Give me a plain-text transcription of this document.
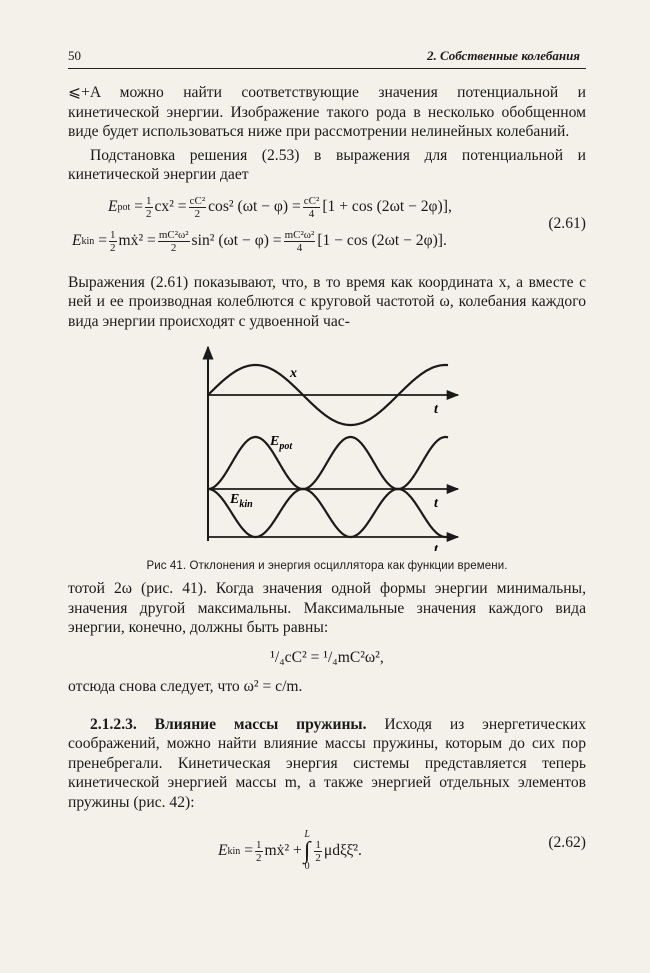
50	2. Собственные колебания

⩽+A можно найти соответствующие значения потенциальной и кинетической энергии. Изображение такого рода в несколько обобщенном виде будет использоваться ниже при рассмотрении нелинейных колебаний.

Подстановка решения (2.53) в выражения для потенциальной и кинетической энергии дает

E pot
= $\frac{1}{2} cx^2 = \frac{\text{cC²}}{2} \cos^2$ $(\omega t - \varphi) = \frac{\text{cC²}}{4} [1 + \cos (2\omega t - 2\varphi)]$,
E kin
= $\frac{1}{2}$ mẋ² = $\frac{\text{mC²ω²}}{2} \sin^2$ $(\omega t - \varphi) = \frac{\text{mC²ω²}}{4} [1 - \cos (2\omega t - 2\varphi)]$.
(2.61)

Выражения (2.61) показывают, что, в то время как координата x, а вместе с ней и ее производная колеблются с круговой частотой ω, колебания каждого вида энергии происходят с удвоенной час-

x
t
$E_{pot}$
t
$E_{kin}$
t
Рис 41. Отклонения и энергия осциллятора как функции времени.

тотой 2ω (рис. 41). Когда значения одной формы энергии минимальны, значения другой максимальны. Максимальные значения каждого вида энергии, конечно, должны быть равны:

¹/₄cC² = ¹/₄mC²ω²,

отсюда снова следует, что ω² = c/m.

2.1.2.3. Влияние массы пружины. Исходя из энергетических соображений, можно найти влияние массы пружины, которым до сих пор пренебрегали. Кинетическая энергия системы представляется теперь кинетической энергией массы m, а также энергией отдельных элементов пружины (рис. 42):

E kin
= $\frac{1}{2}$ mẋ² +
L
∫
0
$\frac{1}{2}$ μdξξ̇².	(2.62)
